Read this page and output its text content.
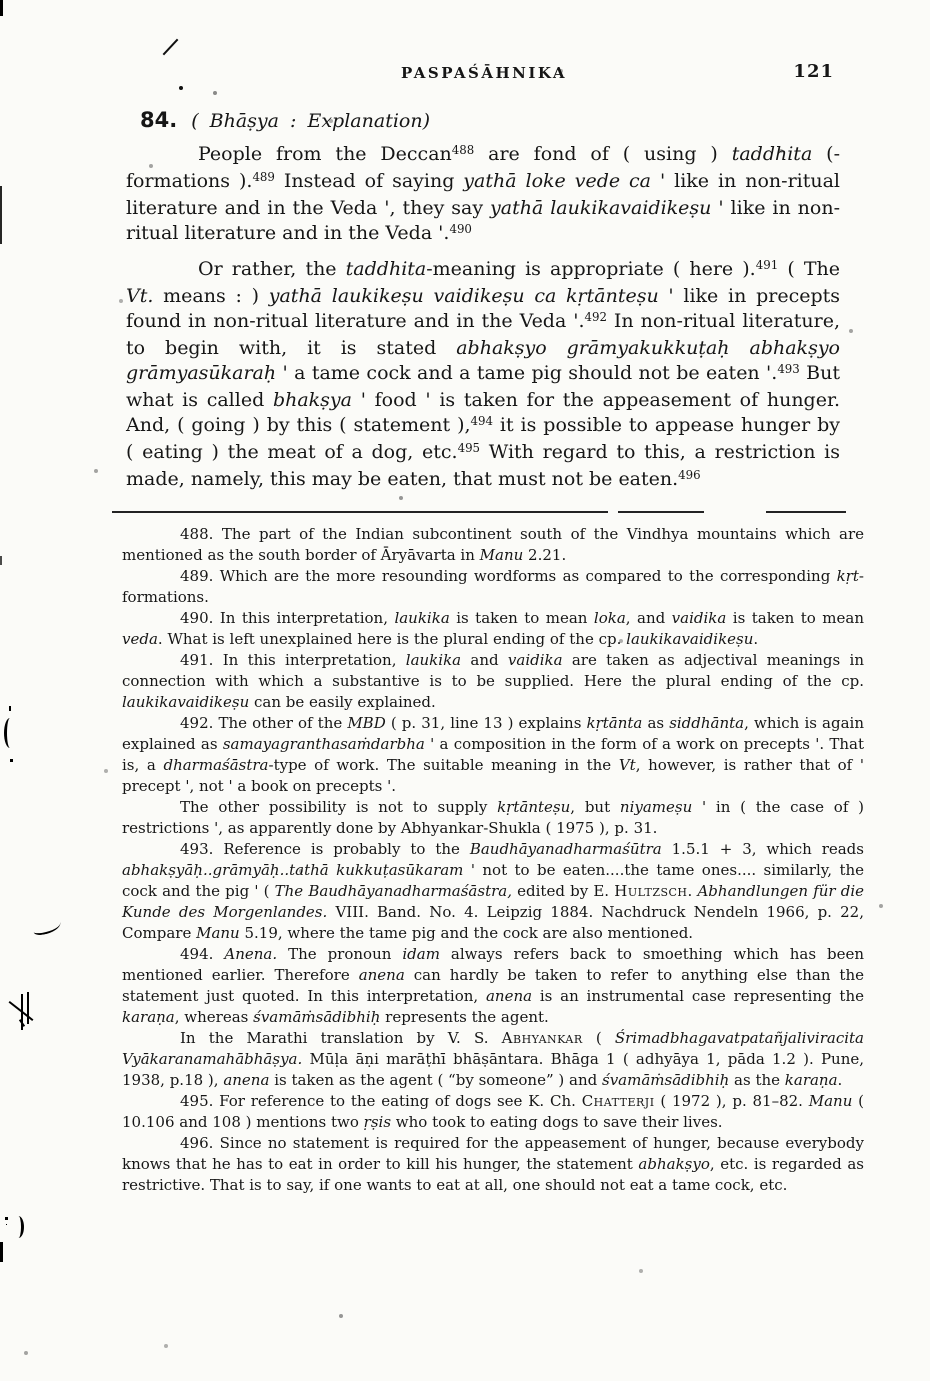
PASPAŚĀHNIKA	121
84. ( Bhāṣya : Explanation)

People from the Deccan$^{488}$ are fond of ( using ) taddhita (-formations ).$^{489}$ Instead of saying yathā loke vede ca ' like in non-ritual literature and in the Veda ', they say yathā laukikavaidikeṣu ' like in non-ritual literature and in the Veda '.$^{490}$

Or rather, the taddhita-meaning is appropriate ( here ).$^{491}$ ( The Vt. means : ) yathā laukikeṣu vaidikeṣu ca kṛtānteṣu ' like in precepts found in non-ritual literature and in the Veda '.$^{492}$ In non-ritual literature, to begin with, it is stated abhakṣyo grāmyakukkuṭaḥ abhakṣyo grāmyasūkaraḥ ' a tame cock and a tame pig should not be eaten '.$^{493}$ But what is called bhakṣya ' food ' is taken for the appeasement of hunger. And, ( going ) by this ( statement ),$^{494}$ it is possible to appease hunger by ( eating ) the meat of a dog, etc.$^{495}$ With regard to this, a restriction is made, namely, this may be eaten, that must not be eaten.$^{496}$

488. The part of the Indian subcontinent south of the Vindhya mountains which are mentioned as the south border of Āryāvarta in Manu 2.21.

489. Which are the more resounding wordforms as compared to the corresponding kṛt-formations.

490. In this interpretation, laukika is taken to mean loka, and vaidika is taken to mean veda. What is left unexplained here is the plural ending of the cp. laukikavaidikeṣu.

491. In this interpretation, laukika and vaidika are taken as adjectival meanings in connection with which a substantive is to be supplied. Here the plural ending of the cp. laukikavaidikeṣu can be easily explained.

492. The other of the MBD ( p. 31, line 13 ) explains kṛtānta as siddhānta, which is again explained as samayagranthasaṁdarbha ' a composition in the form of a work on precepts '. That is, a dharmaśāstra-type of work. The suitable meaning in the Vt, however, is rather that of ' precept ', not ' a book on precepts '.

The other possibility is not to supply kṛtānteṣu, but niyameṣu ' in ( the case of ) restrictions ', as apparently done by Abhyankar-Shukla ( 1975 ), p. 31.

493. Reference is probably to the Baudhāyanadharmaśūtra 1.5.1 + 3, which reads abhakṣyāḥ..grāmyāḥ..tathā kukkuṭasūkaram ' not to be eaten....the tame ones.... similarly, the cock and the pig ' ( The Baudhāyanadharmaśāstra, edited by E. Hultzsch. Abhandlungen für die Kunde des Morgenlandes. VIII. Band. No. 4. Leipzig 1884. Nachdruck Nendeln 1966, p. 22, Compare Manu 5.19, where the tame pig and the cock are also mentioned.

494. Anena. The pronoun idam always refers back to smoething which has been mentioned earlier. Therefore anena can hardly be taken to refer to anything else than the statement just quoted. In this interpretation, anena is an instrumental case representing the karaṇa, whereas śvamāṁsādibhiḥ represents the agent.

In the Marathi translation by V. S. Abhyankar ( Śrimadbhagavatpatañjaliviracita Vyākaranamahābhāṣya. Mūḷa āṇi marāṭhī bhāṣāntara. Bhāga 1 ( adhyāya 1, pāda 1.2 ). Pune, 1938, p.18 ), anena is taken as the agent ( “by someone” ) and śvamāṁsādibhiḥ as the karaṇa.

495. For reference to the eating of dogs see K. Ch. Chatterji ( 1972 ), p. 81–82. Manu ( 10.106 and 108 ) mentions two ṛṣis who took to eating dogs to save their lives.

496. Since no statement is required for the appeasement of hunger, because everybody knows that he has to eat in order to kill his hunger, the statement abhakṣyo, etc. is regarded as restrictive. That is to say, if one wants to eat at all, one should not eat a tame cock, etc.
